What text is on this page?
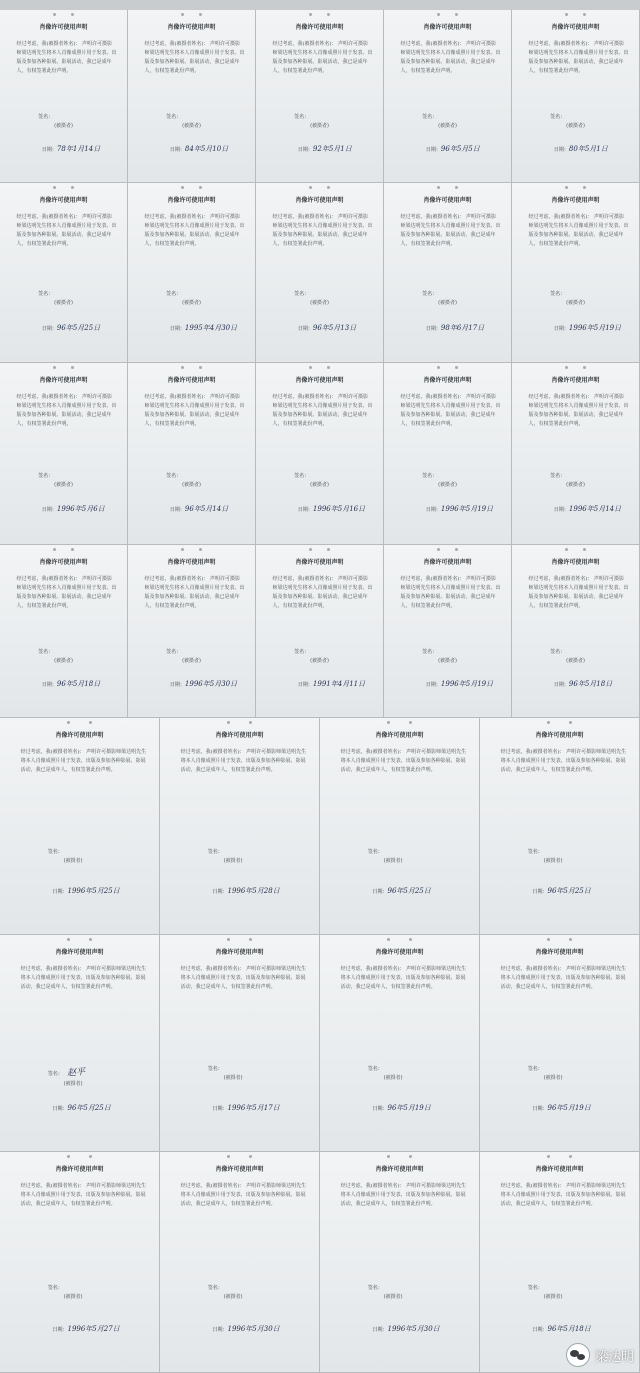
肖像许可使用声明
经过考虑，我(被摄者姓名)： 声明许可摄影师梁达明先生将本人肖像成照片用于发表、出版及参加各种影展、影展活动，我已是成年人，有权签署此份声明。
签名：
(被摄者)
日期：78年1月14日
肖像许可使用声明
经过考虑，我(被摄者姓名)： 声明许可摄影师梁达明先生将本人肖像成照片用于发表、出版及参加各种影展、影展活动，我已是成年人，有权签署此份声明。
签名：
(被摄者)
日期：84年5月10日
肖像许可使用声明
经过考虑，我(被摄者姓名)： 声明许可摄影师梁达明先生将本人肖像成照片用于发表、出版及参加各种影展、影展活动，我已是成年人，有权签署此份声明。
签名：
(被摄者)
日期：92年5月1日
肖像许可使用声明
经过考虑，我(被摄者姓名)： 声明许可摄影师梁达明先生将本人肖像成照片用于发表、出版及参加各种影展、影展活动，我已是成年人，有权签署此份声明。
签名：
(被摄者)
日期：96年5月5日
肖像许可使用声明
经过考虑，我(被摄者姓名)： 声明许可摄影师梁达明先生将本人肖像成照片用于发表、出版及参加各种影展、影展活动，我已是成年人，有权签署此份声明。
签名：
(被摄者)
日期：80年5月1日
肖像许可使用声明
经过考虑，我(被摄者姓名)： 声明许可摄影师梁达明先生将本人肖像成照片用于发表、出版及参加各种影展、影展活动，我已是成年人，有权签署此份声明。
签名：
(被摄者)
日期：96年5月25日
肖像许可使用声明
经过考虑，我(被摄者姓名)： 声明许可摄影师梁达明先生将本人肖像成照片用于发表、出版及参加各种影展、影展活动，我已是成年人，有权签署此份声明。
签名：
(被摄者)
日期：1995年4月30日
肖像许可使用声明
经过考虑，我(被摄者姓名)： 声明许可摄影师梁达明先生将本人肖像成照片用于发表、出版及参加各种影展、影展活动，我已是成年人，有权签署此份声明。
签名：
(被摄者)
日期：96年5月13日
肖像许可使用声明
经过考虑，我(被摄者姓名)： 声明许可摄影师梁达明先生将本人肖像成照片用于发表、出版及参加各种影展、影展活动，我已是成年人，有权签署此份声明。
签名：
(被摄者)
日期：98年6月17日
肖像许可使用声明
经过考虑，我(被摄者姓名)： 声明许可摄影师梁达明先生将本人肖像成照片用于发表、出版及参加各种影展、影展活动，我已是成年人，有权签署此份声明。
签名：
(被摄者)
日期：1996年5月19日
肖像许可使用声明
经过考虑，我(被摄者姓名)： 声明许可摄影师梁达明先生将本人肖像成照片用于发表、出版及参加各种影展、影展活动，我已是成年人，有权签署此份声明。
签名：
(被摄者)
日期：1996年5月6日
肖像许可使用声明
经过考虑，我(被摄者姓名)： 声明许可摄影师梁达明先生将本人肖像成照片用于发表、出版及参加各种影展、影展活动，我已是成年人，有权签署此份声明。
签名：
(被摄者)
日期：96年5月14日
肖像许可使用声明
经过考虑，我(被摄者姓名)： 声明许可摄影师梁达明先生将本人肖像成照片用于发表、出版及参加各种影展、影展活动，我已是成年人，有权签署此份声明。
签名：
(被摄者)
日期：1996年5月16日
肖像许可使用声明
经过考虑，我(被摄者姓名)： 声明许可摄影师梁达明先生将本人肖像成照片用于发表、出版及参加各种影展、影展活动，我已是成年人，有权签署此份声明。
签名：
(被摄者)
日期：1996年5月19日
肖像许可使用声明
经过考虑，我(被摄者姓名)： 声明许可摄影师梁达明先生将本人肖像成照片用于发表、出版及参加各种影展、影展活动，我已是成年人，有权签署此份声明。
签名：
(被摄者)
日期：1996年5月14日
肖像许可使用声明
经过考虑，我(被摄者姓名)： 声明许可摄影师梁达明先生将本人肖像成照片用于发表、出版及参加各种影展、影展活动，我已是成年人，有权签署此份声明。
签名：
(被摄者)
日期：96年5月18日
肖像许可使用声明
经过考虑，我(被摄者姓名)： 声明许可摄影师梁达明先生将本人肖像成照片用于发表、出版及参加各种影展、影展活动，我已是成年人，有权签署此份声明。
签名：
(被摄者)
日期：1996年5月30日
肖像许可使用声明
经过考虑，我(被摄者姓名)： 声明许可摄影师梁达明先生将本人肖像成照片用于发表、出版及参加各种影展、影展活动，我已是成年人，有权签署此份声明。
签名：
(被摄者)
日期：1991年4月11日
肖像许可使用声明
经过考虑，我(被摄者姓名)： 声明许可摄影师梁达明先生将本人肖像成照片用于发表、出版及参加各种影展、影展活动，我已是成年人，有权签署此份声明。
签名：
(被摄者)
日期：1996年5月19日
肖像许可使用声明
经过考虑，我(被摄者姓名)： 声明许可摄影师梁达明先生将本人肖像成照片用于发表、出版及参加各种影展、影展活动，我已是成年人，有权签署此份声明。
签名：
(被摄者)
日期：96年5月18日
肖像许可使用声明
经过考虑，我(被摄者姓名)： 声明许可摄影师梁达明先生将本人肖像成照片用于发表、出版及参加各种影展、影展活动，我已是成年人，有权签署此份声明。
签名：
(被摄者)
日期：1996年5月25日
肖像许可使用声明
经过考虑，我(被摄者姓名)： 声明许可摄影师梁达明先生将本人肖像成照片用于发表、出版及参加各种影展、影展活动，我已是成年人，有权签署此份声明。
签名：
(被摄者)
日期：1996年5月28日
肖像许可使用声明
经过考虑，我(被摄者姓名)： 声明许可摄影师梁达明先生将本人肖像成照片用于发表、出版及参加各种影展、影展活动，我已是成年人，有权签署此份声明。
签名：
(被摄者)
日期：96年5月25日
肖像许可使用声明
经过考虑，我(被摄者姓名)： 声明许可摄影师梁达明先生将本人肖像成照片用于发表、出版及参加各种影展、影展活动，我已是成年人，有权签署此份声明。
签名：
(被摄者)
日期：96年5月25日
肖像许可使用声明
经过考虑，我(被摄者姓名)： 声明许可摄影师梁达明先生将本人肖像成照片用于发表、出版及参加各种影展、影展活动，我已是成年人，有权签署此份声明。
签名： 赵平
(被摄者)
日期：96年5月25日
肖像许可使用声明
经过考虑，我(被摄者姓名)： 声明许可摄影师梁达明先生将本人肖像成照片用于发表、出版及参加各种影展、影展活动，我已是成年人，有权签署此份声明。
签名：
(被摄者)
日期：1996年5月17日
肖像许可使用声明
经过考虑，我(被摄者姓名)： 声明许可摄影师梁达明先生将本人肖像成照片用于发表、出版及参加各种影展、影展活动，我已是成年人，有权签署此份声明。
签名：
(被摄者)
日期：96年5月19日
肖像许可使用声明
经过考虑，我(被摄者姓名)： 声明许可摄影师梁达明先生将本人肖像成照片用于发表、出版及参加各种影展、影展活动，我已是成年人，有权签署此份声明。
签名：
(被摄者)
日期：96年5月19日
肖像许可使用声明
经过考虑，我(被摄者姓名)： 声明许可摄影师梁达明先生将本人肖像成照片用于发表、出版及参加各种影展、影展活动，我已是成年人，有权签署此份声明。
签名：
(被摄者)
日期：1996年5月27日
肖像许可使用声明
经过考虑，我(被摄者姓名)： 声明许可摄影师梁达明先生将本人肖像成照片用于发表、出版及参加各种影展、影展活动，我已是成年人，有权签署此份声明。
签名：
(被摄者)
日期：1996年5月30日
肖像许可使用声明
经过考虑，我(被摄者姓名)： 声明许可摄影师梁达明先生将本人肖像成照片用于发表、出版及参加各种影展、影展活动，我已是成年人，有权签署此份声明。
签名：
(被摄者)
日期：1996年5月30日
肖像许可使用声明
经过考虑，我(被摄者姓名)： 声明许可摄影师梁达明先生将本人肖像成照片用于发表、出版及参加各种影展、影展活动，我已是成年人，有权签署此份声明。
签名：
(被摄者)
日期：96年5月18日
梁达明
